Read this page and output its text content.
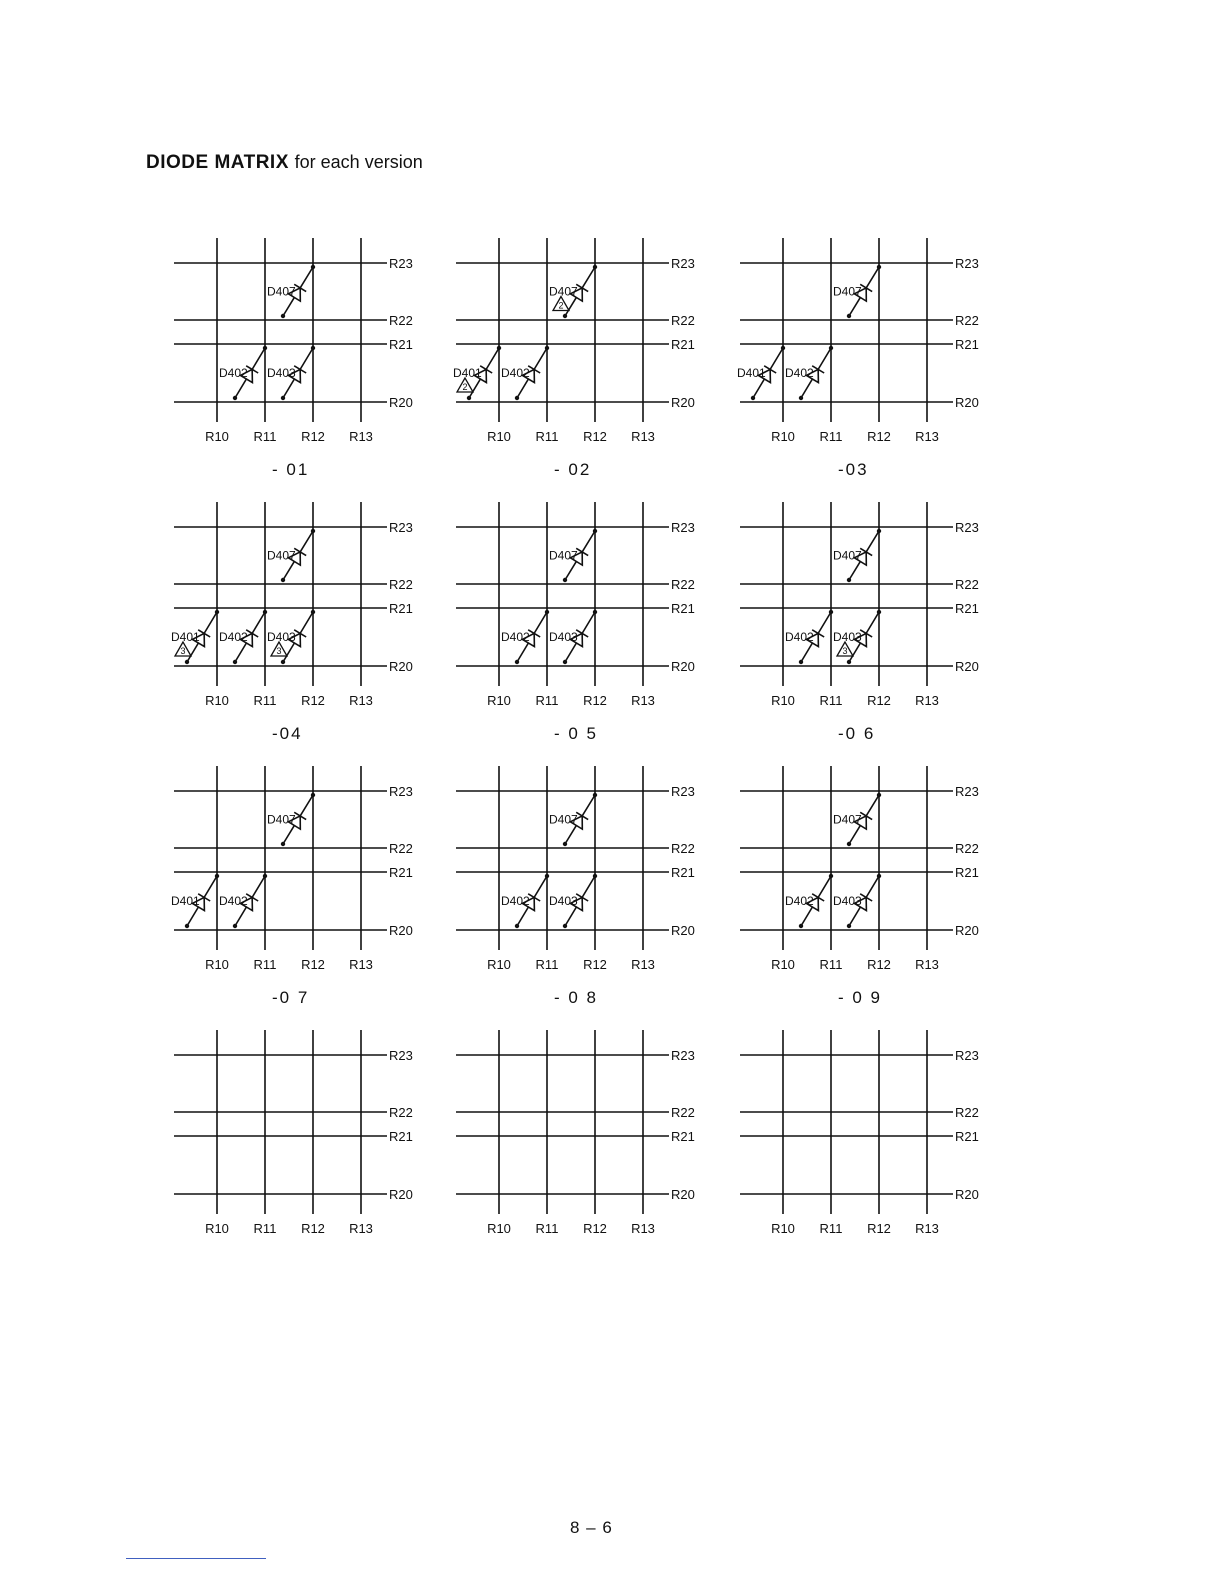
DIODE MATRIX for each version
R23
R22
R21
R20
R10 R11 R12 R13
D407
D402 D403
- 01
R23
R22
R21
R20
R10 R11 R12 R13
D407
2
D401
2
D402
- 02
R23
R22
R21
R20
R10 R11 R12 R13
D407
D401 D402
-03
R23
R22
R21
R20
R10 R11 R12 R13
D407
D401
3
D402 D403
3
-04
R23
R22
R21
R20
R10 R11 R12 R13
D407
D402 D403
- 0 5
R23
R22
R21
R20
R10 R11 R12 R13
D407
D402 D403
3
-0 6
R23
R22
R21
R20
R10 R11 R12 R13
D407
D401 D402
-0 7
R23
R22
R21
R20
R10 R11 R12 R13
D407
D402 D403
- 0 8
R23
R22
R21
R20
R10 R11 R12 R13
D407
D402 D403
- 0 9
R23
R22
R21
R20
R10 R11 R12 R13
R23
R22
R21
R20
R10 R11 R12 R13
R23
R22
R21
R20
R10 R11 R12 R13
8 – 6
